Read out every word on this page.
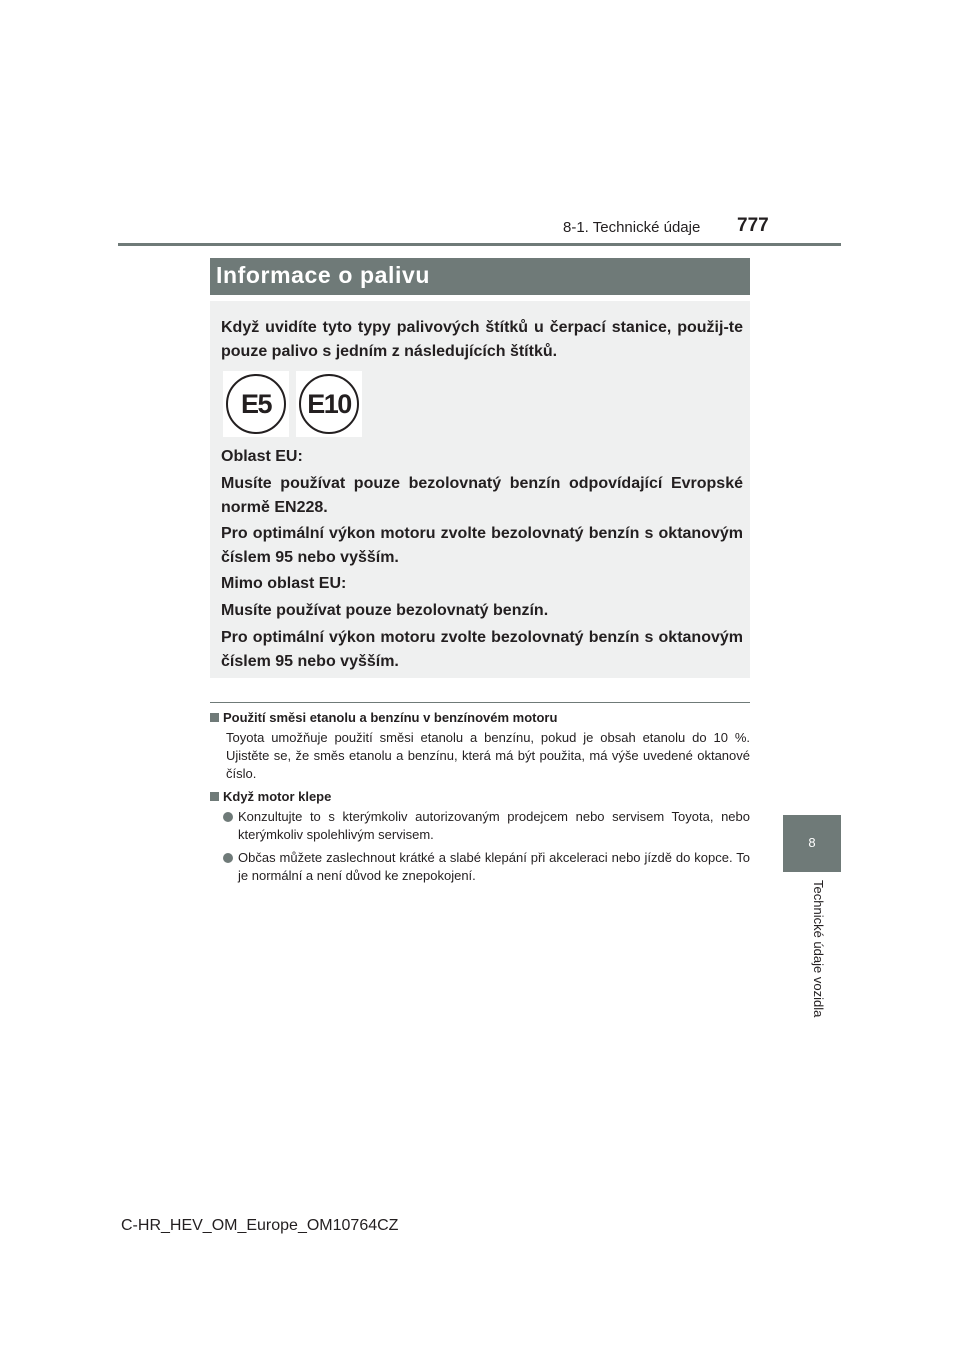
8-1. Technické údaje 777
8
Technické údaje vozidla
Informace o palivu
Když uvidíte tyto typy palivových štítků u čerpací stanice, použij-te pouze palivo s jedním z následujících štítků.
E5	E10
Oblast EU:
Musíte používat pouze bezolovnatý benzín odpovídající Evropské normě EN228.
Pro optimální výkon motoru zvolte bezolovnatý benzín s oktanovým číslem 95 nebo vyšším.
Mimo oblast EU:
Musíte používat pouze bezolovnatý benzín.
Pro optimální výkon motoru zvolte bezolovnatý benzín s oktanovým číslem 95 nebo vyšším.
Použití směsi etanolu a benzínu v benzínovém motoru
Toyota umožňuje použití směsi etanolu a benzínu, pokud je obsah etanolu do 10 %. Ujistěte se, že směs etanolu a benzínu, která má být použita, má výše uvedené oktanové číslo.
Když motor klepe
Konzultujte to s kterýmkoliv autorizovaným prodejcem nebo servisem Toyota, nebo kterýmkoliv spolehlivým servisem.
Občas můžete zaslechnout krátké a slabé klepání při akceleraci nebo jízdě do kopce. To je normální a není důvod ke znepokojení.
C-HR_HEV_OM_Europe_OM10764CZ
